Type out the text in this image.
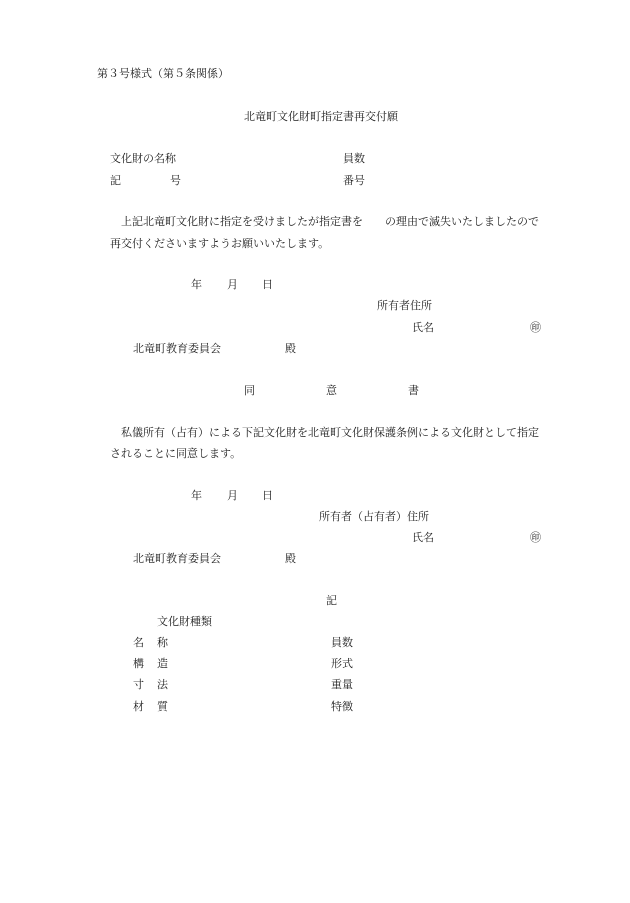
第３号様式（第５条関係）
北竜町文化財町指定書再交付願
文化財の名称	員数
記	号	番号
上記北竜町文化財に指定を受けましたが指定書を　　の理由で滅失いたしましたので
再交付くださいますようお願いいたします。
年 月 日
所有者住所
氏名	㊞
北竜町教育委員会	殿
同	意	書
私儀所有（占有）による下記文化財を北竜町文化財保護条例による文化財として指定
されることに同意します。
年 月 日
所有者（占有者）住所
氏名	㊞
北竜町教育委員会	殿
記
文化財種類
名 称	員数
構 造	形式
寸 法	重量
材 質	特徴
